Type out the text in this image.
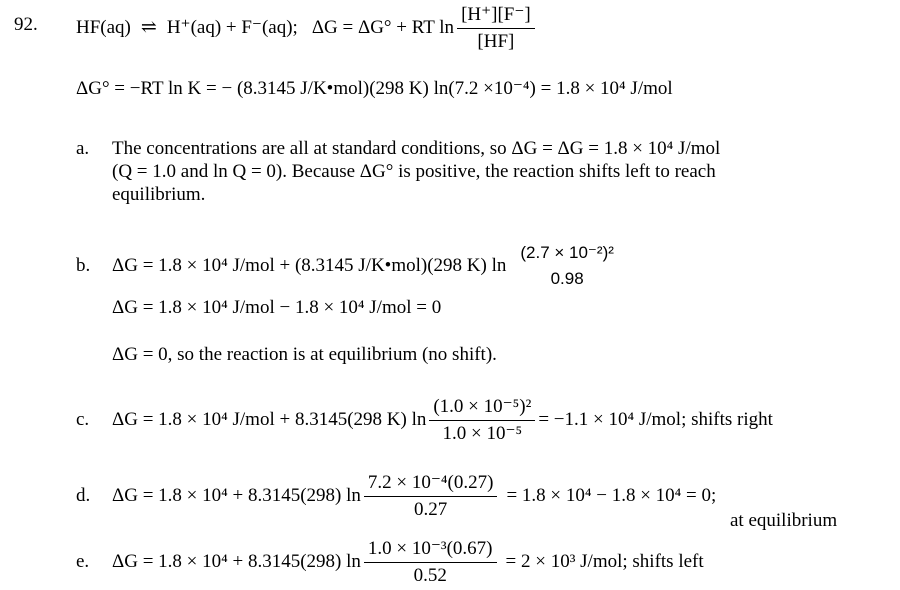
92. HF(aq) ⇌ H⁺(aq) + F⁻(aq); ΔG = ΔG° + RT $\ln \frac{[H^+][F^-]}{[HF]}$
ΔG° = −RT ln K = − (8.3145 J/K•mol)(298 K) ln(7.2 ×10⁻⁴) = 1.8 × 10⁴ J/mol
a. The concentrations are all at standard conditions, so ΔG = ΔG = 1.8 × 10⁴ J/mol
(Q = 1.0 and ln Q = 0). Because ΔG° is positive, the reaction shifts left to reach
equilibrium.
b.	ΔG = 1.8 × 10⁴ J/mol + (8.3145 J/K•mol)(298 K) ln
(2.7 × 10⁻²)²
0.98
ΔG = 1.8 × 10⁴ J/mol − 1.8 × 10⁴ J/mol = 0
ΔG = 0, so the reaction is at equilibrium (no shift).
c.	ΔG = 1.8 × 10⁴ J/mol + 8.3145(298 K) $\ln \frac{\text{(1.0 × 10⁻⁵)²}}{\text{1.0 × 10⁻⁵}} = -1.1 \times 10^4$ J/mol; shifts right
d.	ΔG = 1.8 × 10⁴ + 8.3145(298) $\ln \frac{\text{7.2 × 10⁻⁴(0.27)}}{0.27} = 1.8 \times 10^4 - 1.8 \times 10^4 = 0$;
at equilibrium
e.	ΔG = 1.8 × 10⁴ + 8.3145(298) $\ln \frac{\text{1.0 × 10⁻³(0.67)}}{0.52} = 2 \times 10^3$ J/mol; shifts left
